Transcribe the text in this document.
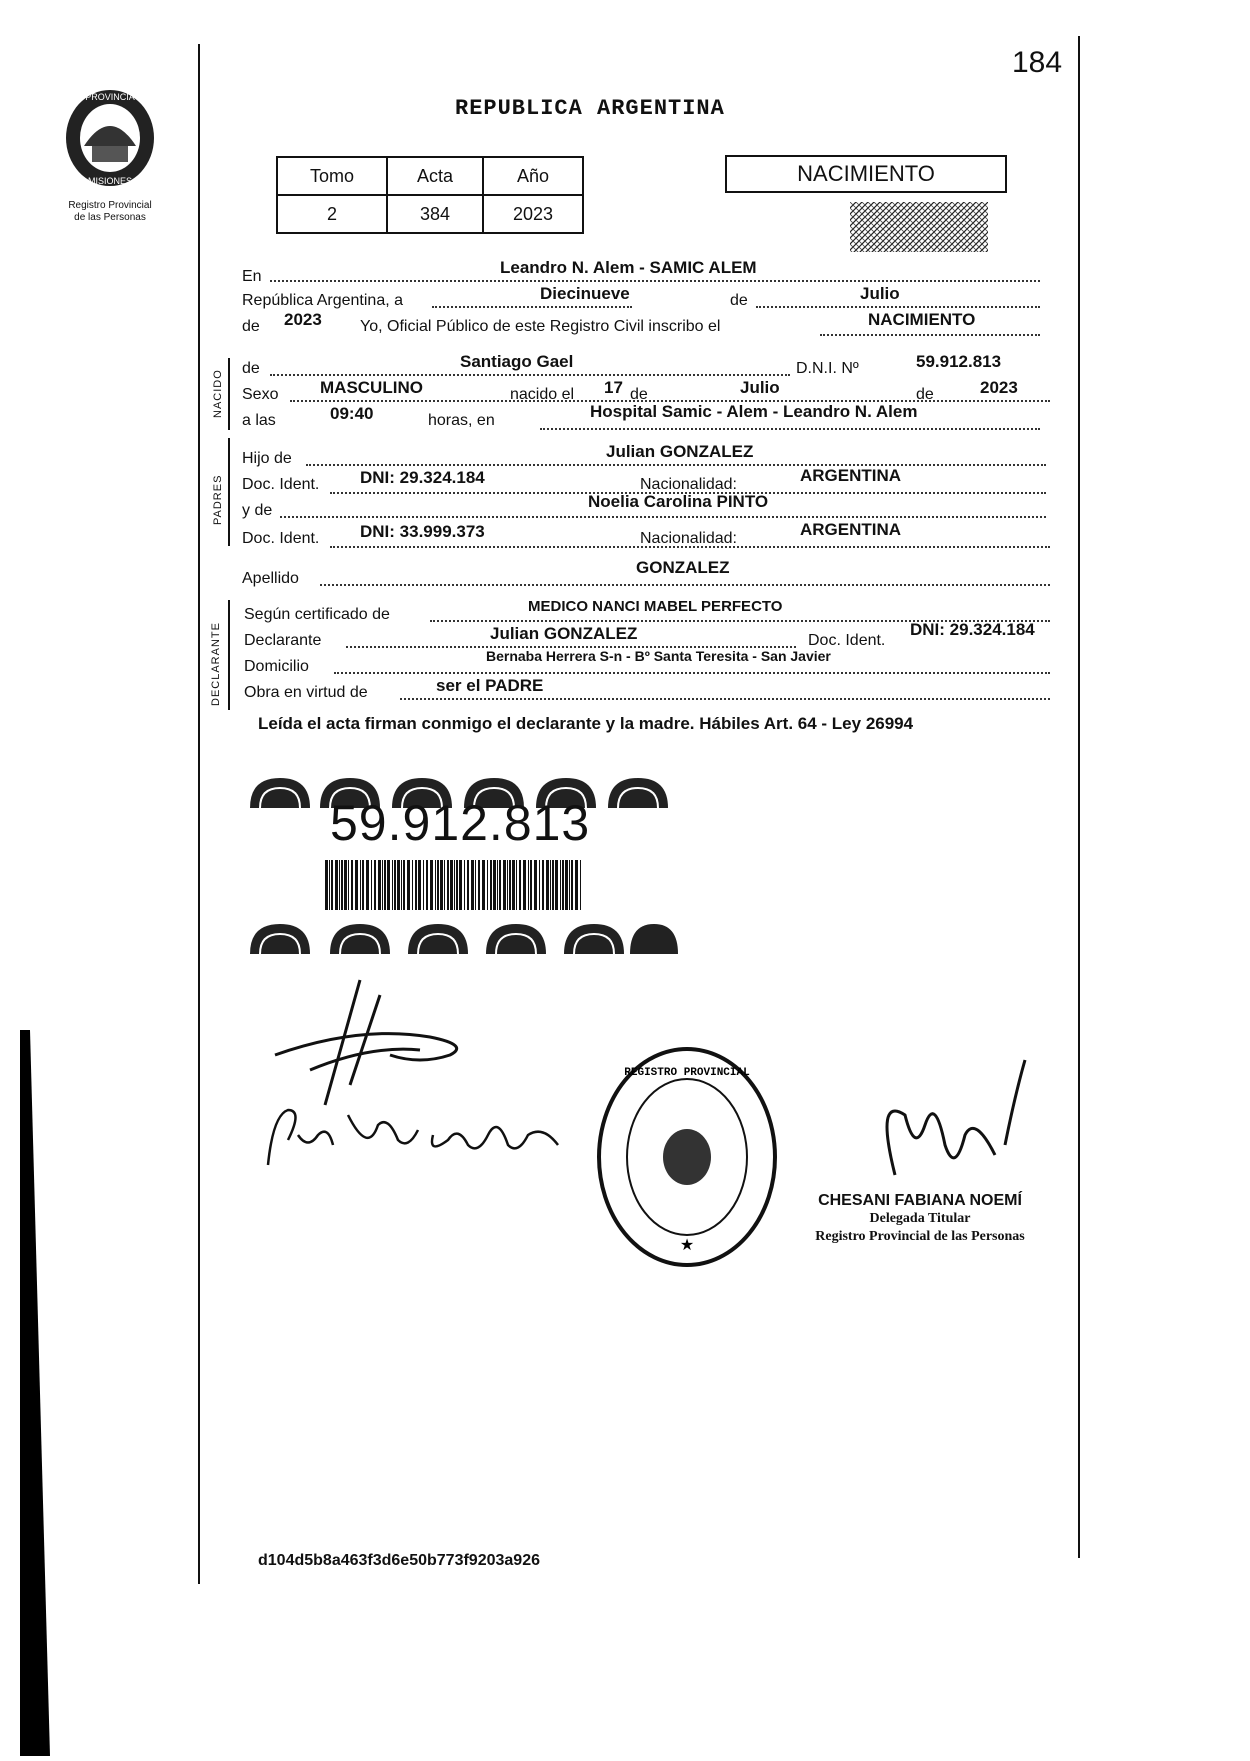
184
PROVINCIA
MISIONES
Registro Provincial
de las Personas
REPUBLICA ARGENTINA
Tomo	Acta	Año
2	384	2023
NACIMIENTO
En	Leandro N. Alem - SAMIC ALEM
República Argentina, a	Diecinueve	de	Julio
de 2023 Yo, Oficial Público de este Registro Civil inscribo el	NACIMIENTO
NACIDO
de	Santiago Gael	D.N.I. Nº	59.912.813
Sexo MASCULINO	nacido el 17 de	Julio	de	2023
a las	09:40	horas, en	Hospital Samic - Alem - Leandro N. Alem
PADRES
Hijo de	Julian GONZALEZ
Doc. Ident. DNI: 29.324.184	Nacionalidad:	ARGENTINA
y de	Noelia Carolina PINTO
Doc. Ident. DNI: 33.999.373	Nacionalidad:	ARGENTINA
Apellido
GONZALEZ
DECLARANTE
Según certificado de	MEDICO NANCI MABEL PERFECTO
Declarante	Julian GONZALEZ	Doc. Ident.
DNI: 29.324.184
Domicilio
Bernaba Herrera S-n - Bº Santa Teresita - San Javier
Obra en virtud de	ser el PADRE
Leída el acta firman conmigo el declarante y la madre. Hábiles Art. 64 - Ley 26994
59.912.813
REGISTRO PROVINCIAL
★
CHESANI FABIANA NOEMÍ
Delegada Titular
Registro Provincial de las Personas
d104d5b8a463f3d6e50b773f9203a926
